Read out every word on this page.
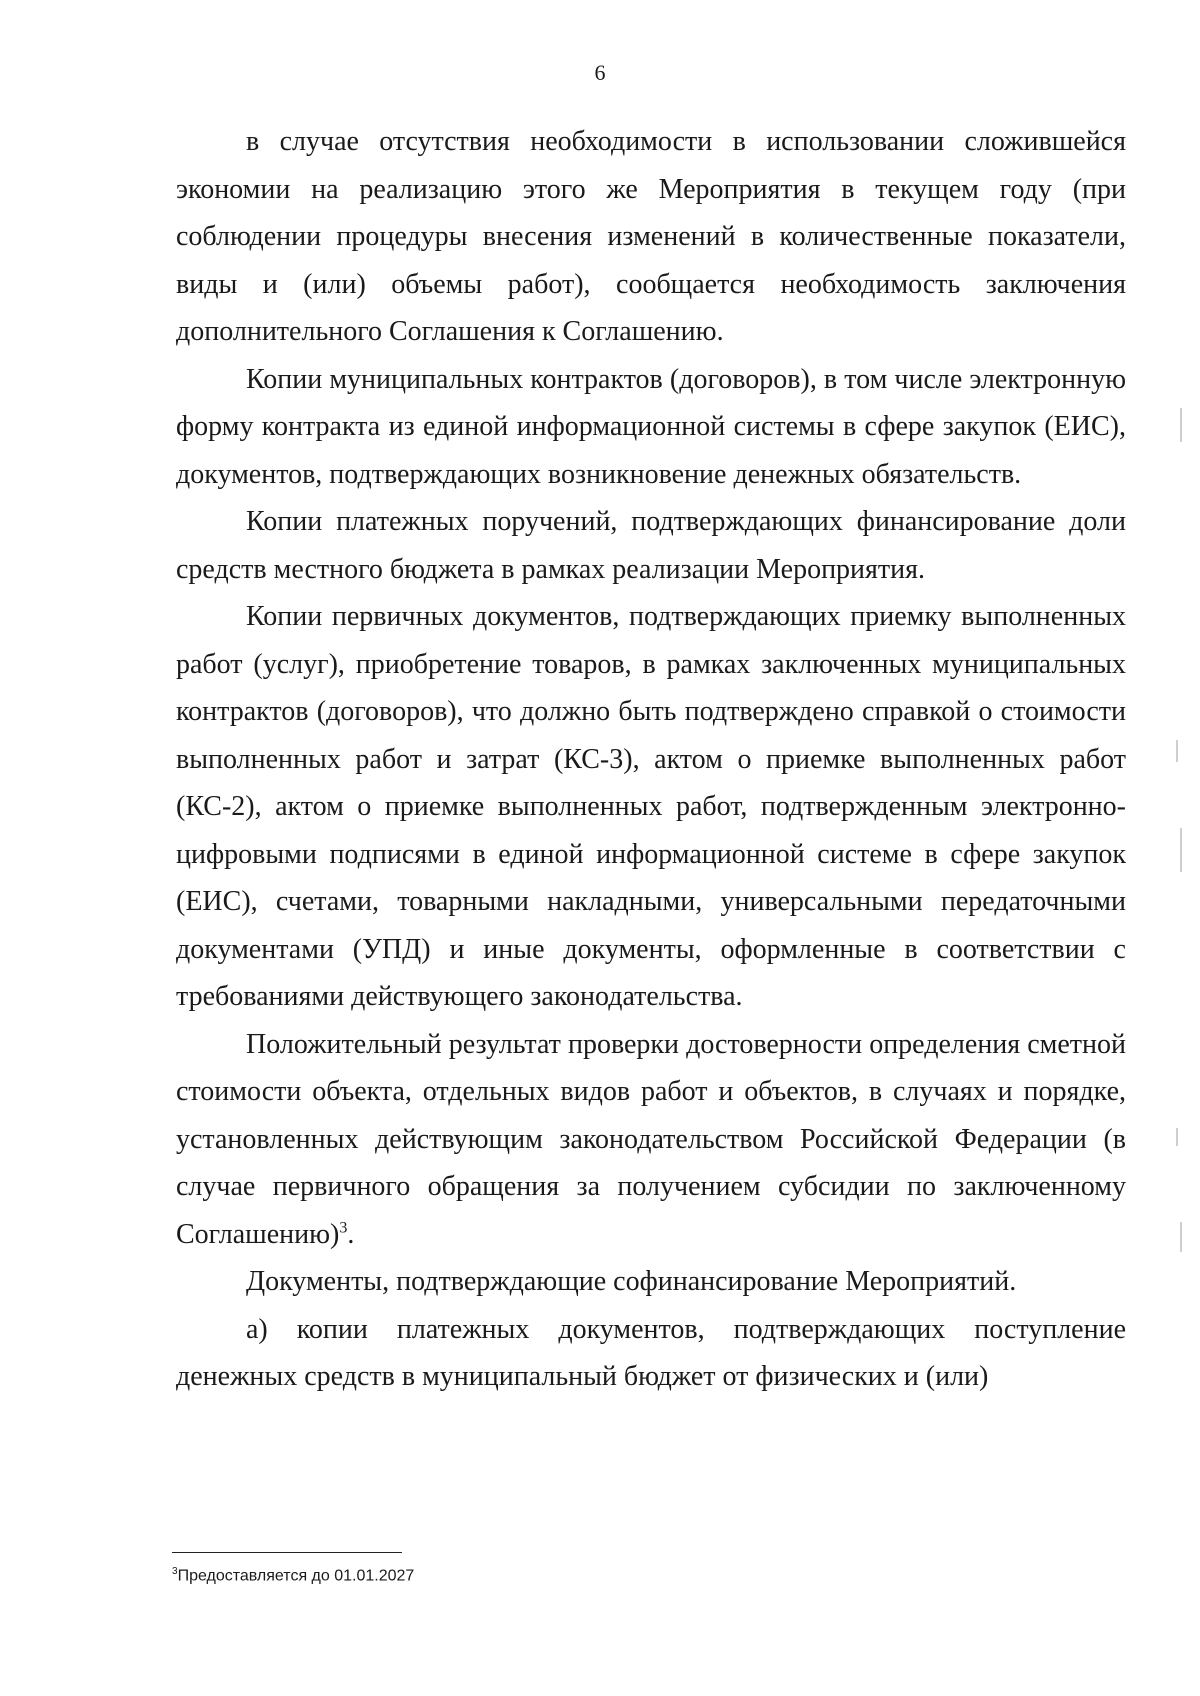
6

в случае отсутствия необходимости в использовании сложившейся экономии на реализацию этого же Мероприятия в текущем году (при соблюдении процедуры внесения изменений в количественные показатели, виды и (или) объемы работ), сообщается необходимость заключения дополнительного Соглашения к Соглашению.

Копии муниципальных контрактов (договоров), в том числе электронную форму контракта из единой информационной системы в сфере закупок (ЕИС), документов, подтверждающих возникновение денежных обязательств.

Копии платежных поручений, подтверждающих финансирование доли средств местного бюджета в рамках реализации Мероприятия.

Копии первичных документов, подтверждающих приемку выполненных работ (услуг), приобретение товаров, в рамках заключенных муниципальных контрактов (договоров), что должно быть подтверждено справкой о стоимости выполненных работ и затрат (КС-3), актом о приемке выполненных работ (КС-2), актом о приемке выполненных работ, подтвержденным электронно-цифровыми подписями в единой информационной системе в сфере закупок (ЕИС), счетами, товарными накладными, универсальными передаточными документами (УПД) и иные документы, оформленные в соответствии с требованиями действующего законодательства.

Положительный результат проверки достоверности определения сметной стоимости объекта, отдельных видов работ и объектов, в случаях и порядке, установленных действующим законодательством Российской Федерации (в случае первичного обращения за получением субсидии по заключенному Соглашению)$^3$.

Документы, подтверждающие софинансирование Мероприятий.

а) копии платежных документов, подтверждающих поступление денежных средств в муниципальный бюджет от физических и (или)

$^3$Предоставляется до 01.01.2027
